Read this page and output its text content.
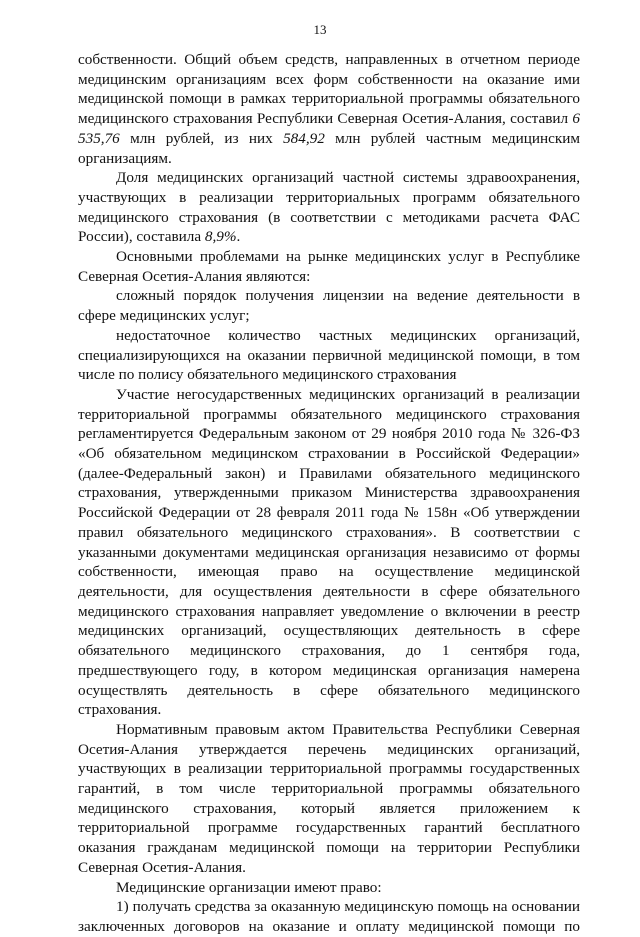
13

собственности. Общий объем средств, направленных в отчетном периоде медицинским организациям всех форм собственности на оказание ими медицинской помощи в рамках территориальной программы обязательного медицинского страхования Республики Северная Осетия-Алания, составил 6 535,76 млн рублей, из них 584,92 млн рублей частным медицинским организациям.

Доля медицинских организаций частной системы здравоохранения, участвующих в реализации территориальных программ обязательного медицинского страхования (в соответствии с методиками расчета ФАС России), составила 8,9%.

Основными проблемами на рынке медицинских услуг в Республике Северная Осетия-Алания являются:

сложный порядок получения лицензии на ведение деятельности в сфере медицинских услуг;

недостаточное количество частных медицинских организаций, специализирующихся на оказании первичной медицинской помощи, в том числе по полису обязательного медицинского страхования

Участие негосударственных медицинских организаций в реализации территориальной программы обязательного медицинского страхования регламентируется Федеральным законом от 29 ноября 2010 года № 326-ФЗ «Об обязательном медицинском страховании в Российской Федерации» (далее-Федеральный закон) и Правилами обязательного медицинского страхования, утвержденными приказом Министерства здравоохранения Российской Федерации от 28 февраля 2011 года № 158н «Об утверждении правил обязательного медицинского страхования». В соответствии с указанными документами медицинская организация независимо от формы собственности, имеющая право на осуществление медицинской деятельности, для осуществления деятельности в сфере обязательного медицинского страхования направляет уведомление о включении в реестр медицинских организаций, осуществляющих деятельность в сфере обязательного медицинского страхования, до 1 сентября года, предшествующего году, в котором медицинская организация намерена осуществлять деятельность в сфере обязательного медицинского страхования.

Нормативным правовым актом Правительства Республики Северная Осетия-Алания утверждается перечень медицинских организаций, участвующих в реализации территориальной программы государственных гарантий, в том числе территориальной программы обязательного медицинского страхования, который является приложением к территориальной программе государственных гарантий бесплатного оказания гражданам медицинской помощи на территории Республики Северная Осетия-Алания.

Медицинские организации имеют право:

1) получать средства за оказанную медицинскую помощь на основании заключенных договоров на оказание и оплату медицинской помощи по
